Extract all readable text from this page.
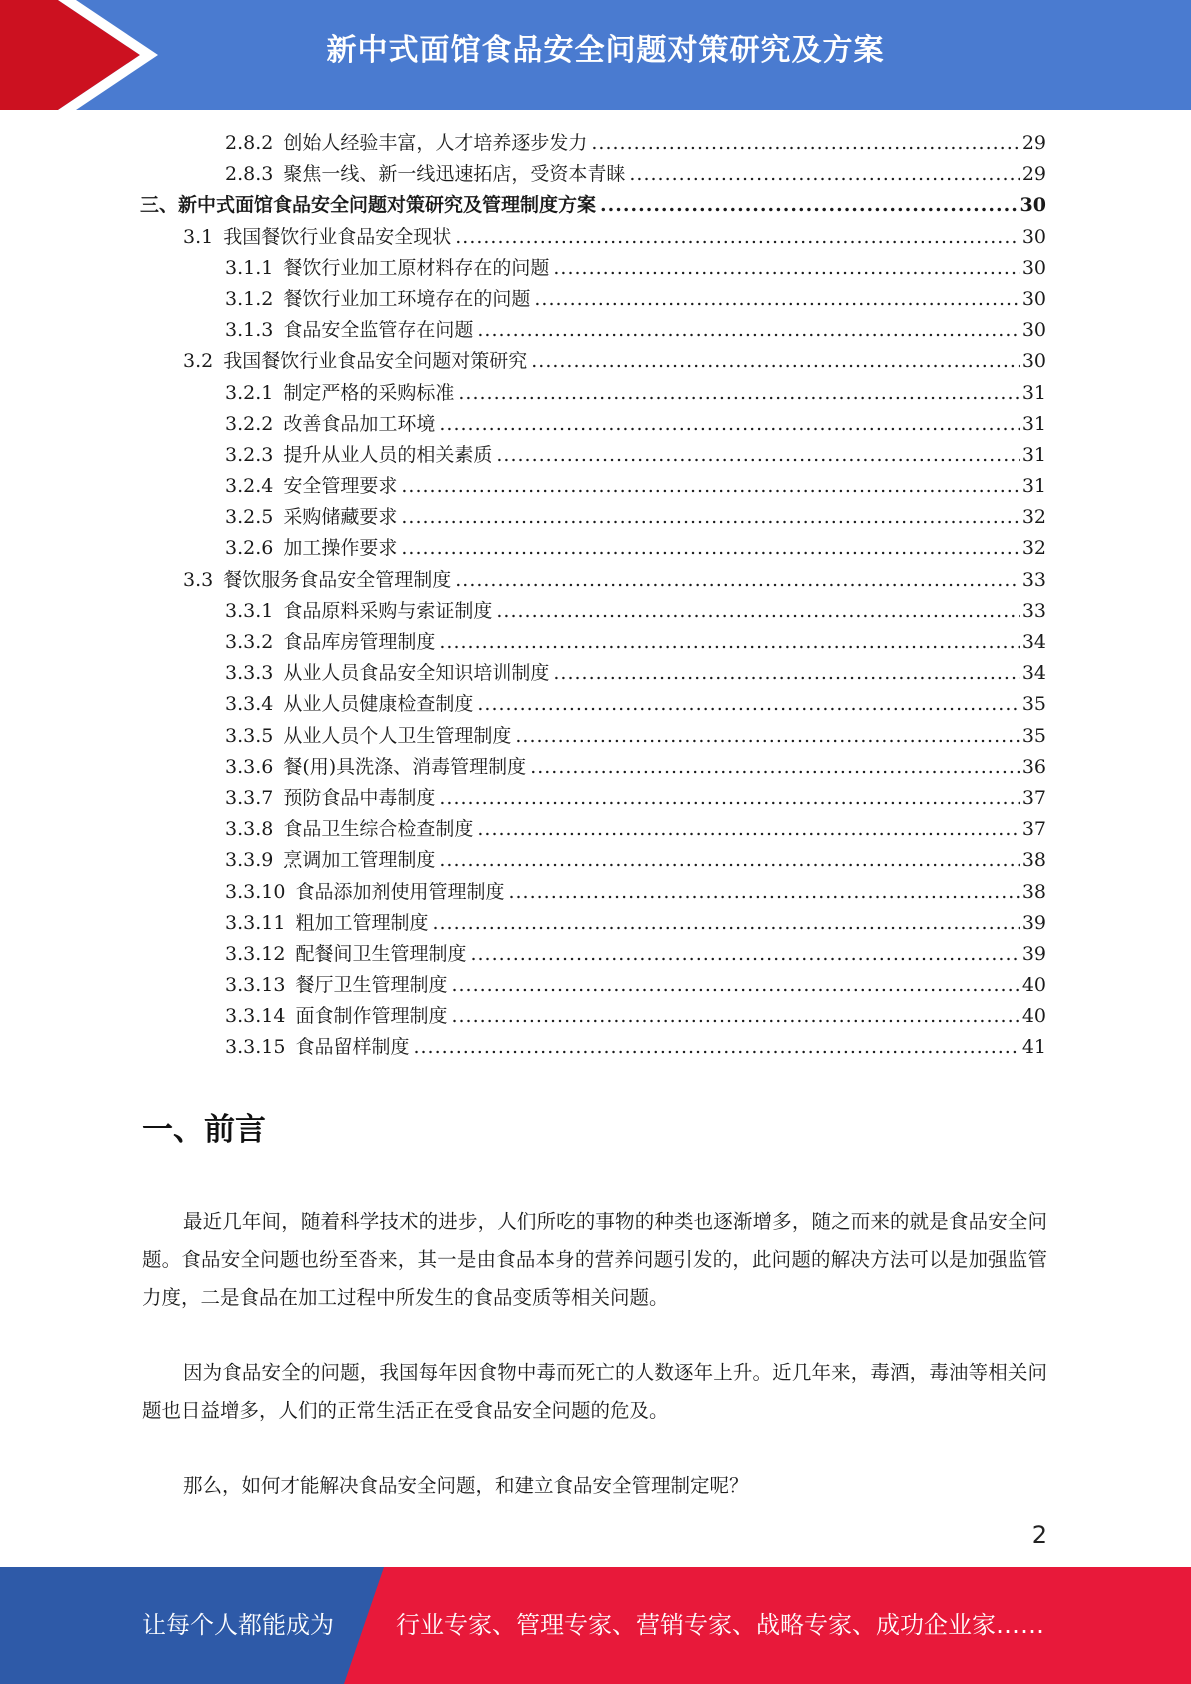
新中式面馆食品安全问题对策研究及方案
2.8.2 创始人经验丰富，人才培养逐步发力 .....	29
2.8.3 聚焦一线、新一线迅速拓店，受资本青睐 .....	29
三、新中式面馆食品安全问题对策研究及管理制度方案 .....	30
3.1 我国餐饮行业食品安全现状 .....	30
3.1.1 餐饮行业加工原材料存在的问题 .....	30
3.1.2 餐饮行业加工环境存在的问题 .....	30
3.1.3 食品安全监管存在问题 .....	30
3.2 我国餐饮行业食品安全问题对策研究 .....	30
3.2.1 制定严格的采购标准 .....	31
3.2.2 改善食品加工环境 .....	31
3.2.3 提升从业人员的相关素质 .....	31
3.2.4 安全管理要求 .....	31
3.2.5 采购储藏要求 .....	32
3.2.6 加工操作要求 .....	32
3.3 餐饮服务食品安全管理制度 .....	33
3.3.1 食品原料采购与索证制度 .....	33
3.3.2 食品库房管理制度 .....	34
3.3.3 从业人员食品安全知识培训制度 .....	34
3.3.4 从业人员健康检查制度 .....	35
3.3.5 从业人员个人卫生管理制度 .....	35
3.3.6 餐(用)具洗涤、消毒管理制度 .....	36
3.3.7 预防食品中毒制度 .....	37
3.3.8 食品卫生综合检查制度 .....	37
3.3.9 烹调加工管理制度 .....	38
3.3.10 食品添加剂使用管理制度 .....	38
3.3.11 粗加工管理制度 .....	39
3.3.12 配餐间卫生管理制度 .....	39
3.3.13 餐厅卫生管理制度 .....	40
3.3.14 面食制作管理制度 .....	40
3.3.15 食品留样制度 .....	41
一、前言

最近几年间，随着科学技术的进步，人们所吃的事物的种类也逐渐增多，随之而来的就是食品安全问题。食品安全问题也纷至沓来，其一是由食品本身的营养问题引发的，此问题的解决方法可以是加强监管力度，二是食品在加工过程中所发生的食品变质等相关问题。

因为食品安全的问题，我国每年因食物中毒而死亡的人数逐年上升。近几年来，毒酒，毒油等相关问题也日益增多，人们的正常生活正在受食品安全问题的危及。

那么，如何才能解决食品安全问题，和建立食品安全管理制定呢？

2
让每个人都能成为	行业专家、管理专家、营销专家、战略专家、成功企业家……
